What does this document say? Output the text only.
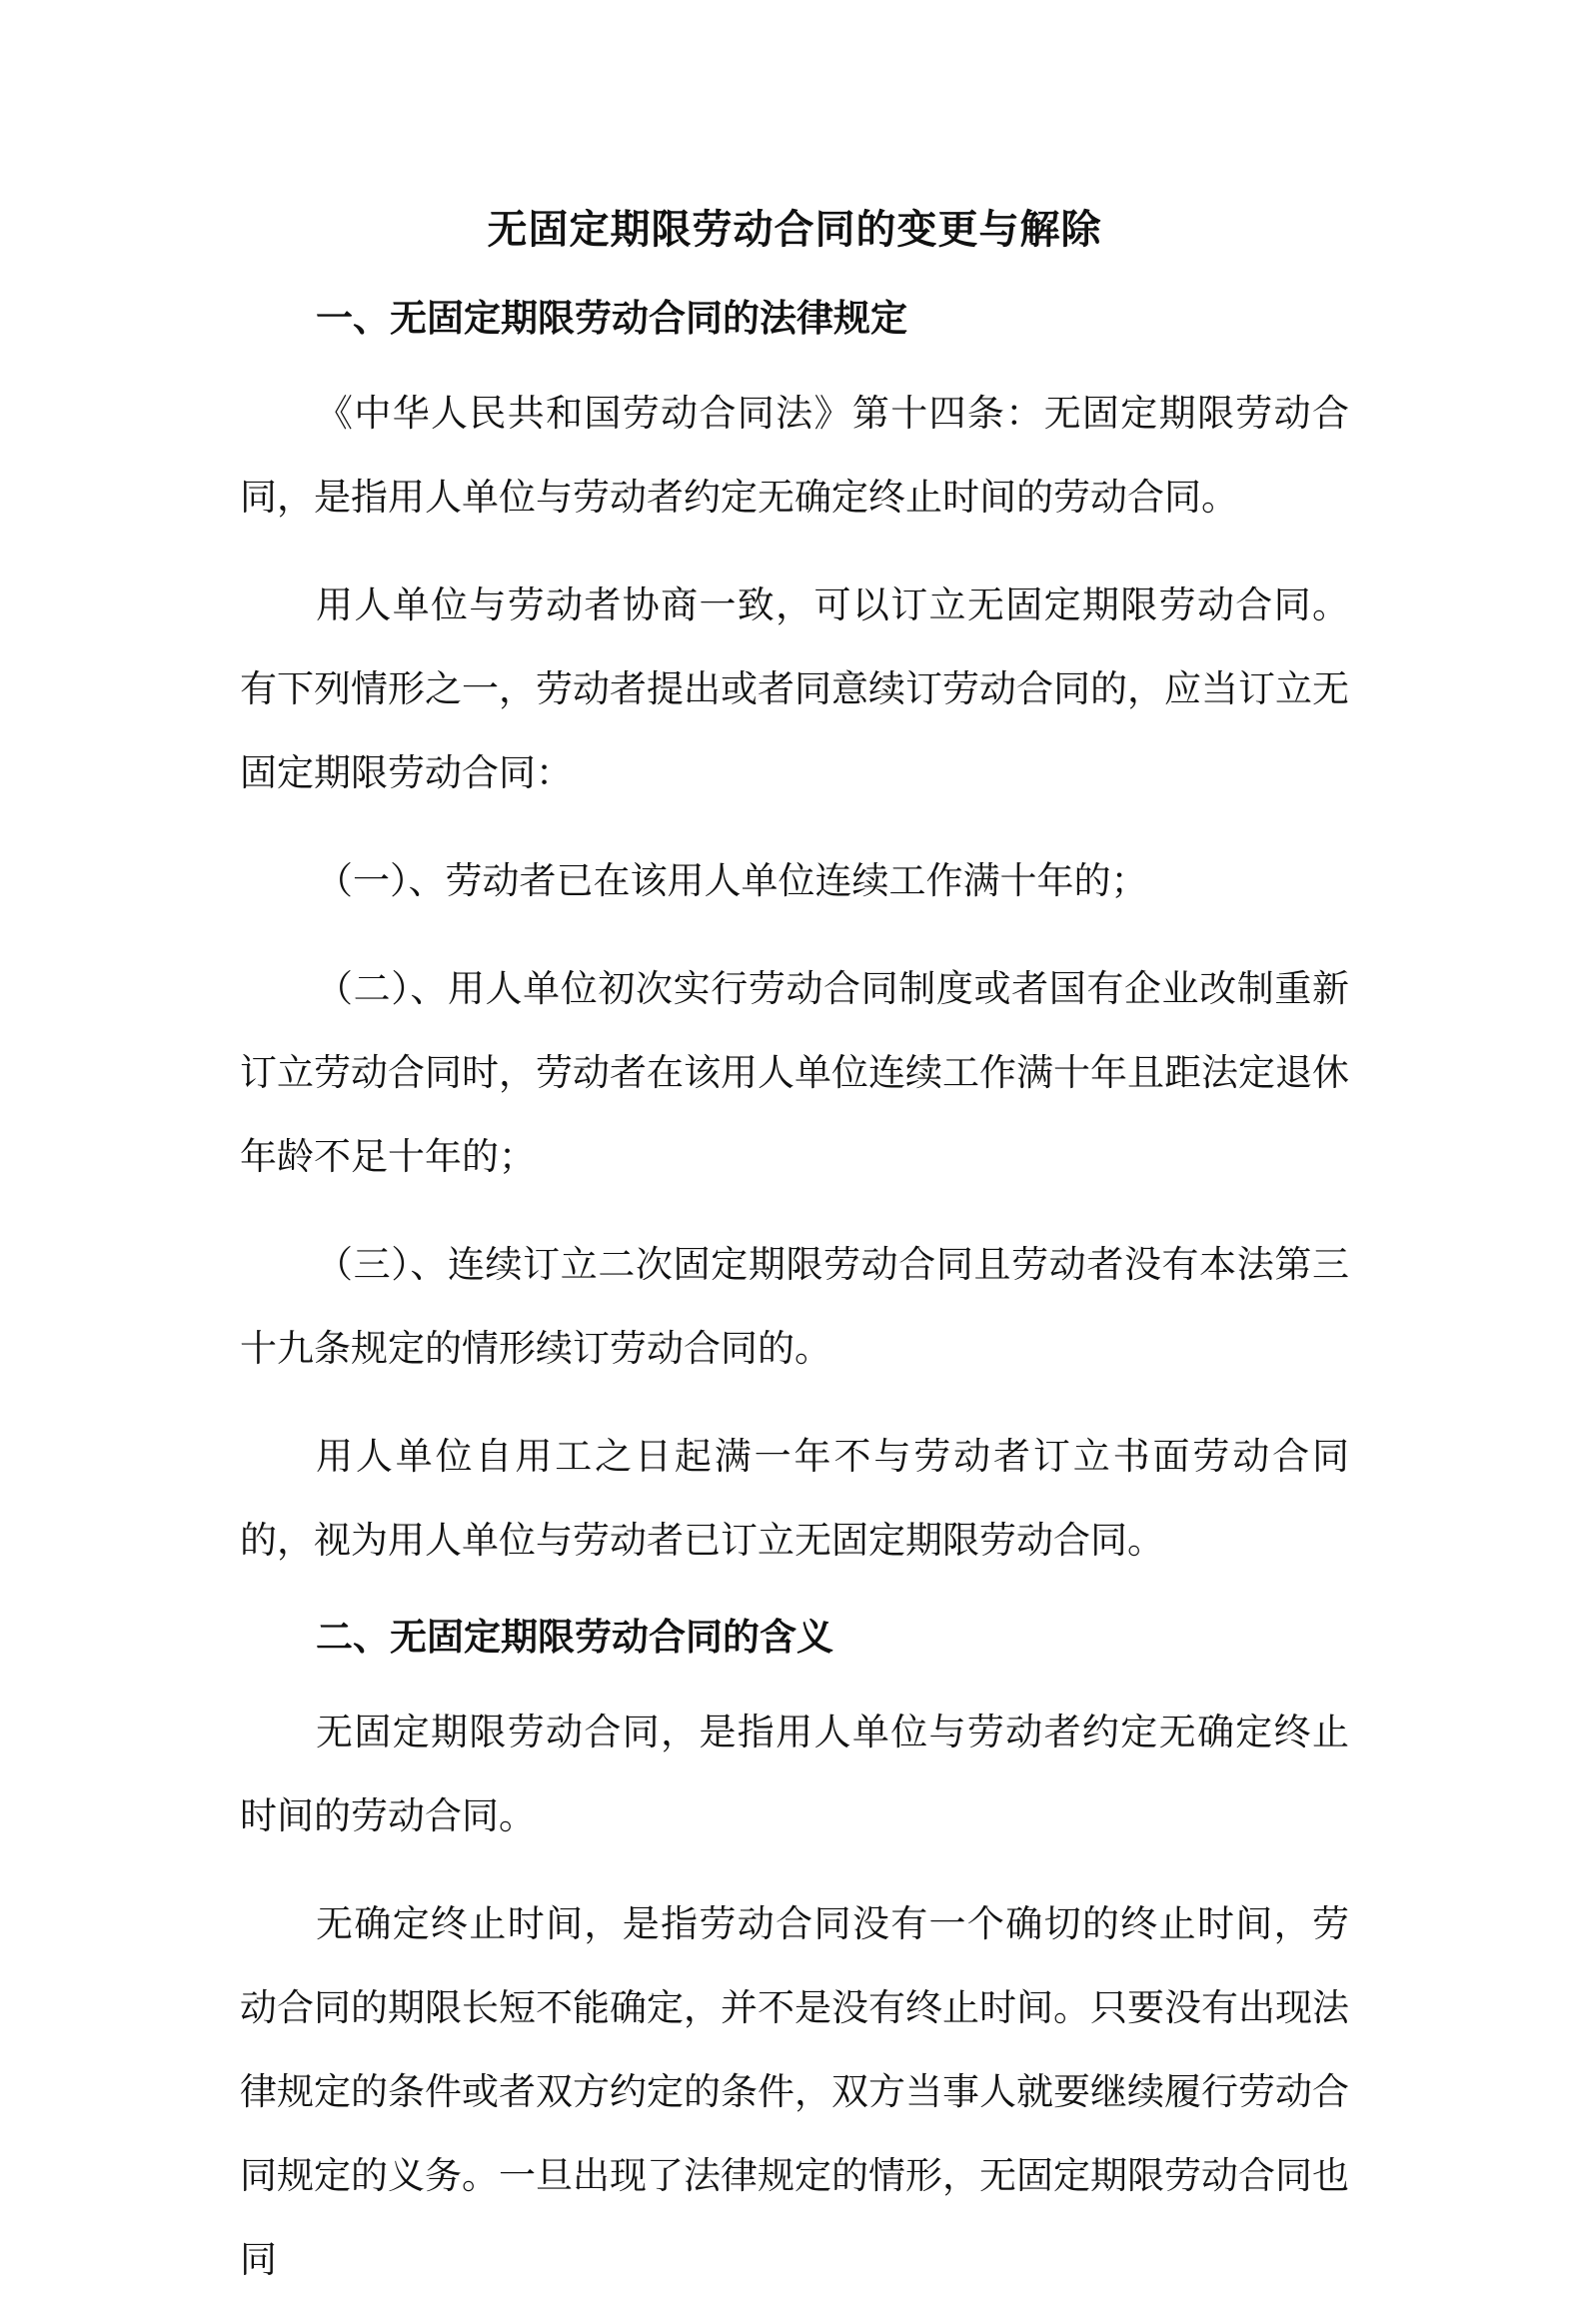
无固定期限劳动合同的变更与解除
一、无固定期限劳动合同的法律规定

《中华人民共和国劳动合同法》第十四条：无固定期限劳动合同，是指用人单位与劳动者约定无确定终止时间的劳动合同。

用人单位与劳动者协商一致，可以订立无固定期限劳动合同。有下列情形之一，劳动者提出或者同意续订劳动合同的，应当订立无固定期限劳动合同：

（一）、劳动者已在该用人单位连续工作满十年的；

（二）、用人单位初次实行劳动合同制度或者国有企业改制重新订立劳动合同时，劳动者在该用人单位连续工作满十年且距法定退休年龄不足十年的；

（三）、连续订立二次固定期限劳动合同且劳动者没有本法第三十九条规定的情形续订劳动合同的。

用人单位自用工之日起满一年不与劳动者订立书面劳动合同的，视为用人单位与劳动者已订立无固定期限劳动合同。

二、无固定期限劳动合同的含义

无固定期限劳动合同，是指用人单位与劳动者约定无确定终止时间的劳动合同。

无确定终止时间，是指劳动合同没有一个确切的终止时间，劳动合同的期限长短不能确定，并不是没有终止时间。只要没有出现法律规定的条件或者双方约定的条件，双方当事人就要继续履行劳动合同规定的义务。一旦出现了法律规定的情形，无固定期限劳动合同也同
